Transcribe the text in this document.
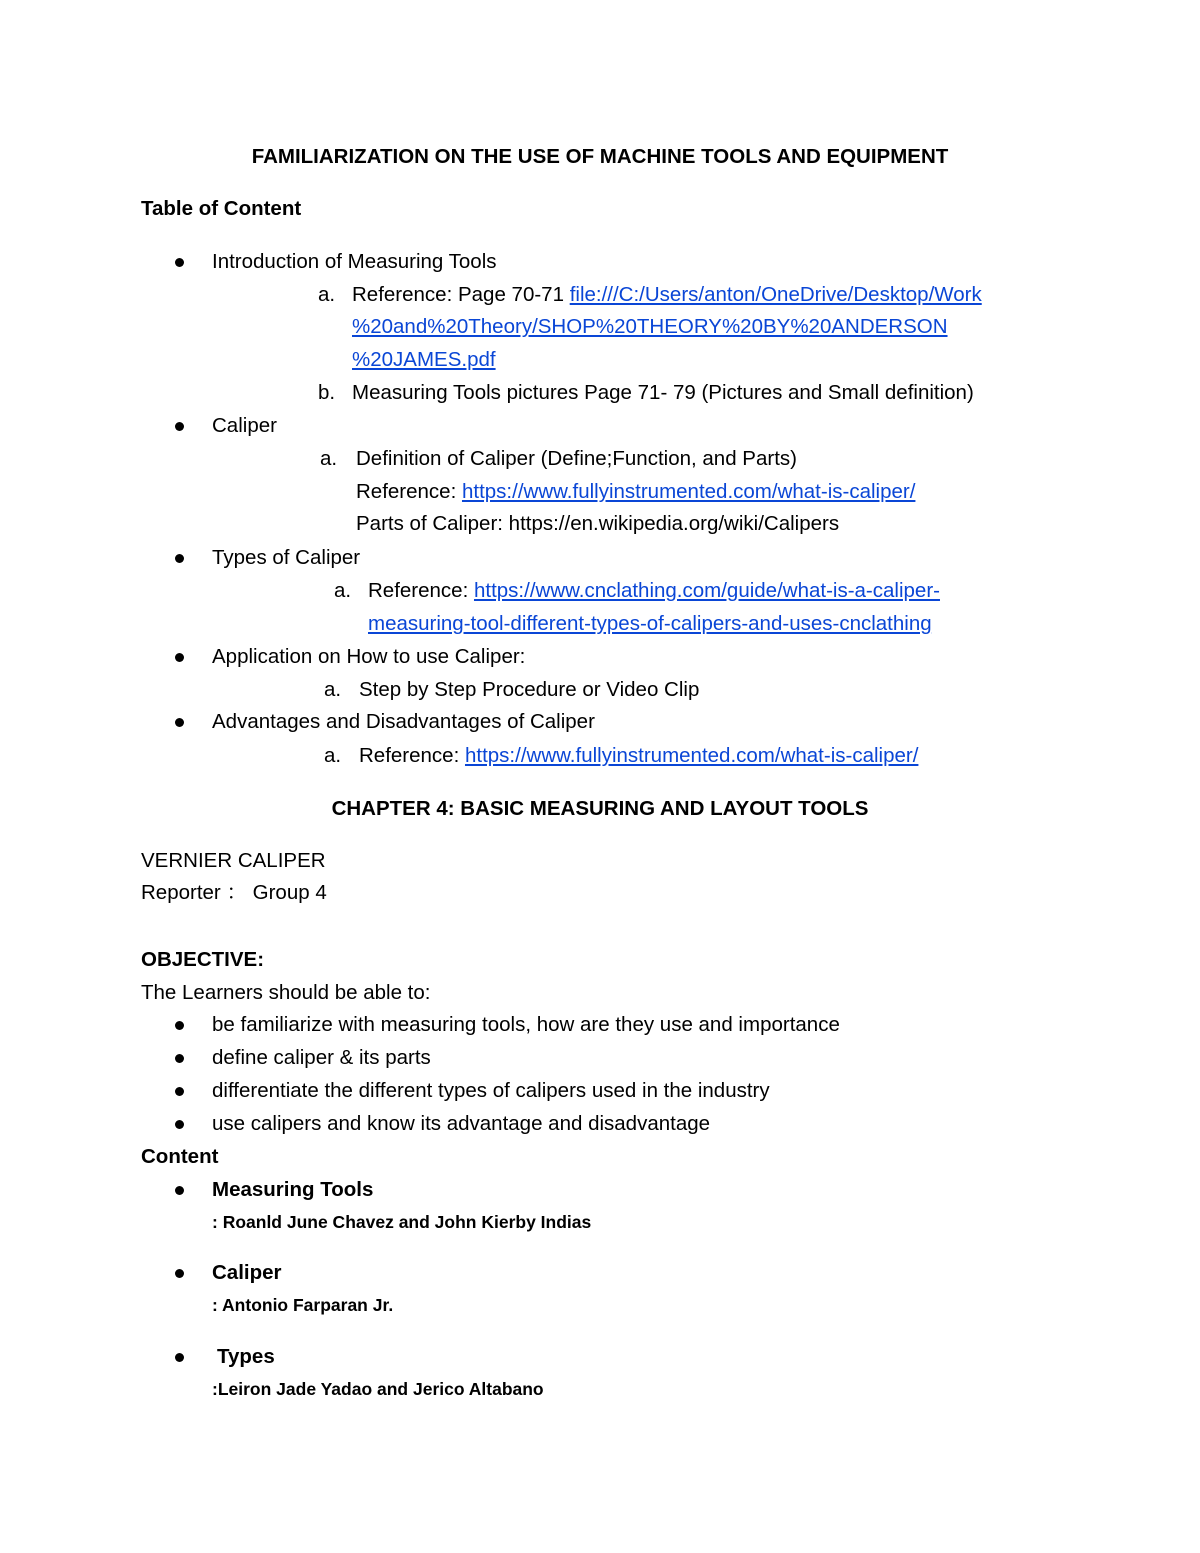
FAMILIARIZATION ON THE USE OF MACHINE TOOLS AND EQUIPMENT
Table of Content
Introduction of Measuring Tools
a. Reference: Page 70-71 file:///C:/Users/anton/OneDrive/Desktop/Work
%20and%20Theory/SHOP%20THEORY%20BY%20ANDERSON
%20JAMES.pdf
b. Measuring Tools pictures Page 71- 79 (Pictures and Small definition)
Caliper
a. Definition of Caliper (Define;Function, and Parts)
Reference: https://www.fullyinstrumented.com/what-is-caliper/
Parts of Caliper: https://en.wikipedia.org/wiki/Calipers
Types of Caliper
a. Reference: https://www.cnclathing.com/guide/what-is-a-caliper-
measuring-tool-different-types-of-calipers-and-uses-cnclathing
Application on How to use Caliper:
a. Step by Step Procedure or Video Clip
Advantages and Disadvantages of Caliper
a. Reference: https://www.fullyinstrumented.com/what-is-caliper/
CHAPTER 4: BASIC MEASURING AND LAYOUT TOOLS
VERNIER CALIPER
Reporter ： Group 4
OBJECTIVE:
The Learners should be able to:
be familiarize with measuring tools, how are they use and importance
define caliper & its parts
differentiate the different types of calipers used in the industry
use calipers and know its advantage and disadvantage
Content
Measuring Tools
: Roanld June Chavez and John Kierby Indias
Caliper
: Antonio Farparan Jr.
Types
:Leiron Jade Yadao and Jerico Altabano
